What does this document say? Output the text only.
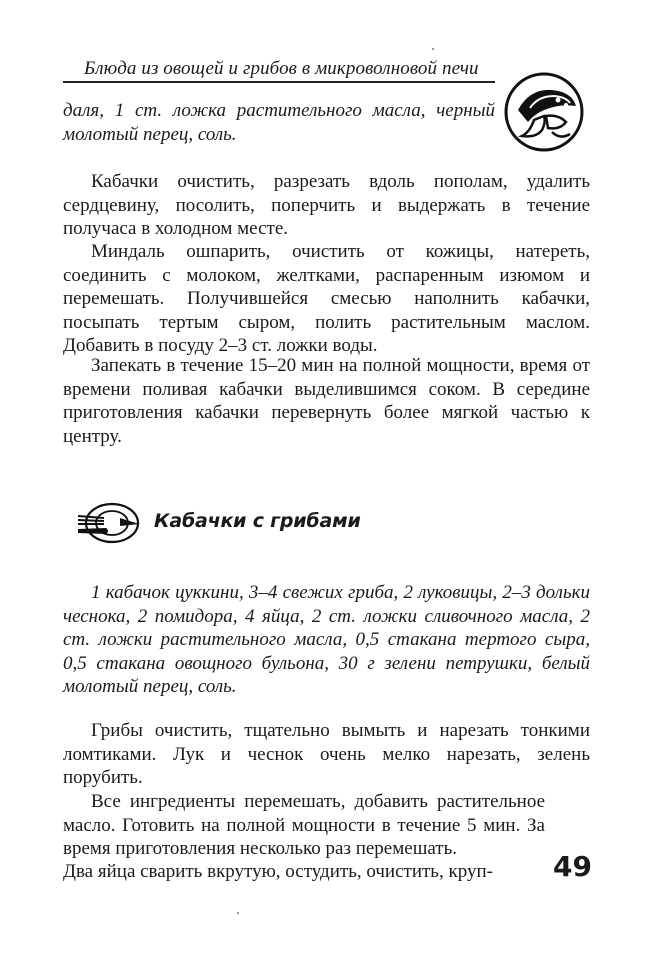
Блюда из овощей и грибов в микроволновой печи

даля, 1 ст. ложка растительного масла, черный молотый перец, соль.

Кабачки очистить, разрезать вдоль пополам, удалить сердцевину, посолить, поперчить и выдержать в течение получаса в холодном месте.

Миндаль ошпарить, очистить от кожицы, натереть, соединить с молоком, желтками, распаренным изюмом и перемешать. Получившейся смесью наполнить кабачки, посыпать тертым сыром, полить растительным маслом. Добавить в посуду 2–3 ст. ложки воды.

Запекать в течение 15–20 мин на полной мощности, время от времени поливая кабачки выделившимся соком. В середине приготовления кабачки перевернуть более мягкой частью к центру.

Кабачки с грибами

1 кабачок цуккини, 3–4 свежих гриба, 2 луковицы, 2–3 дольки чеснока, 2 помидора, 4 яйца, 2 ст. ложки сливочного масла, 2 ст. ложки растительного масла, 0,5 стакана тертого сыра, 0,5 стакана овощного бульона, 30 г зелени петрушки, белый молотый перец, соль.

Грибы очистить, тщательно вымыть и нарезать тонкими ломтиками. Лук и чеснок очень мелко нарезать, зелень порубить.

Все ингредиенты перемешать, добавить растительное масло. Готовить на полной мощности в течение 5 мин. За время приготовления несколько раз перемешать.

Два яйца сварить вкрутую, остудить, очистить, круп-	49
